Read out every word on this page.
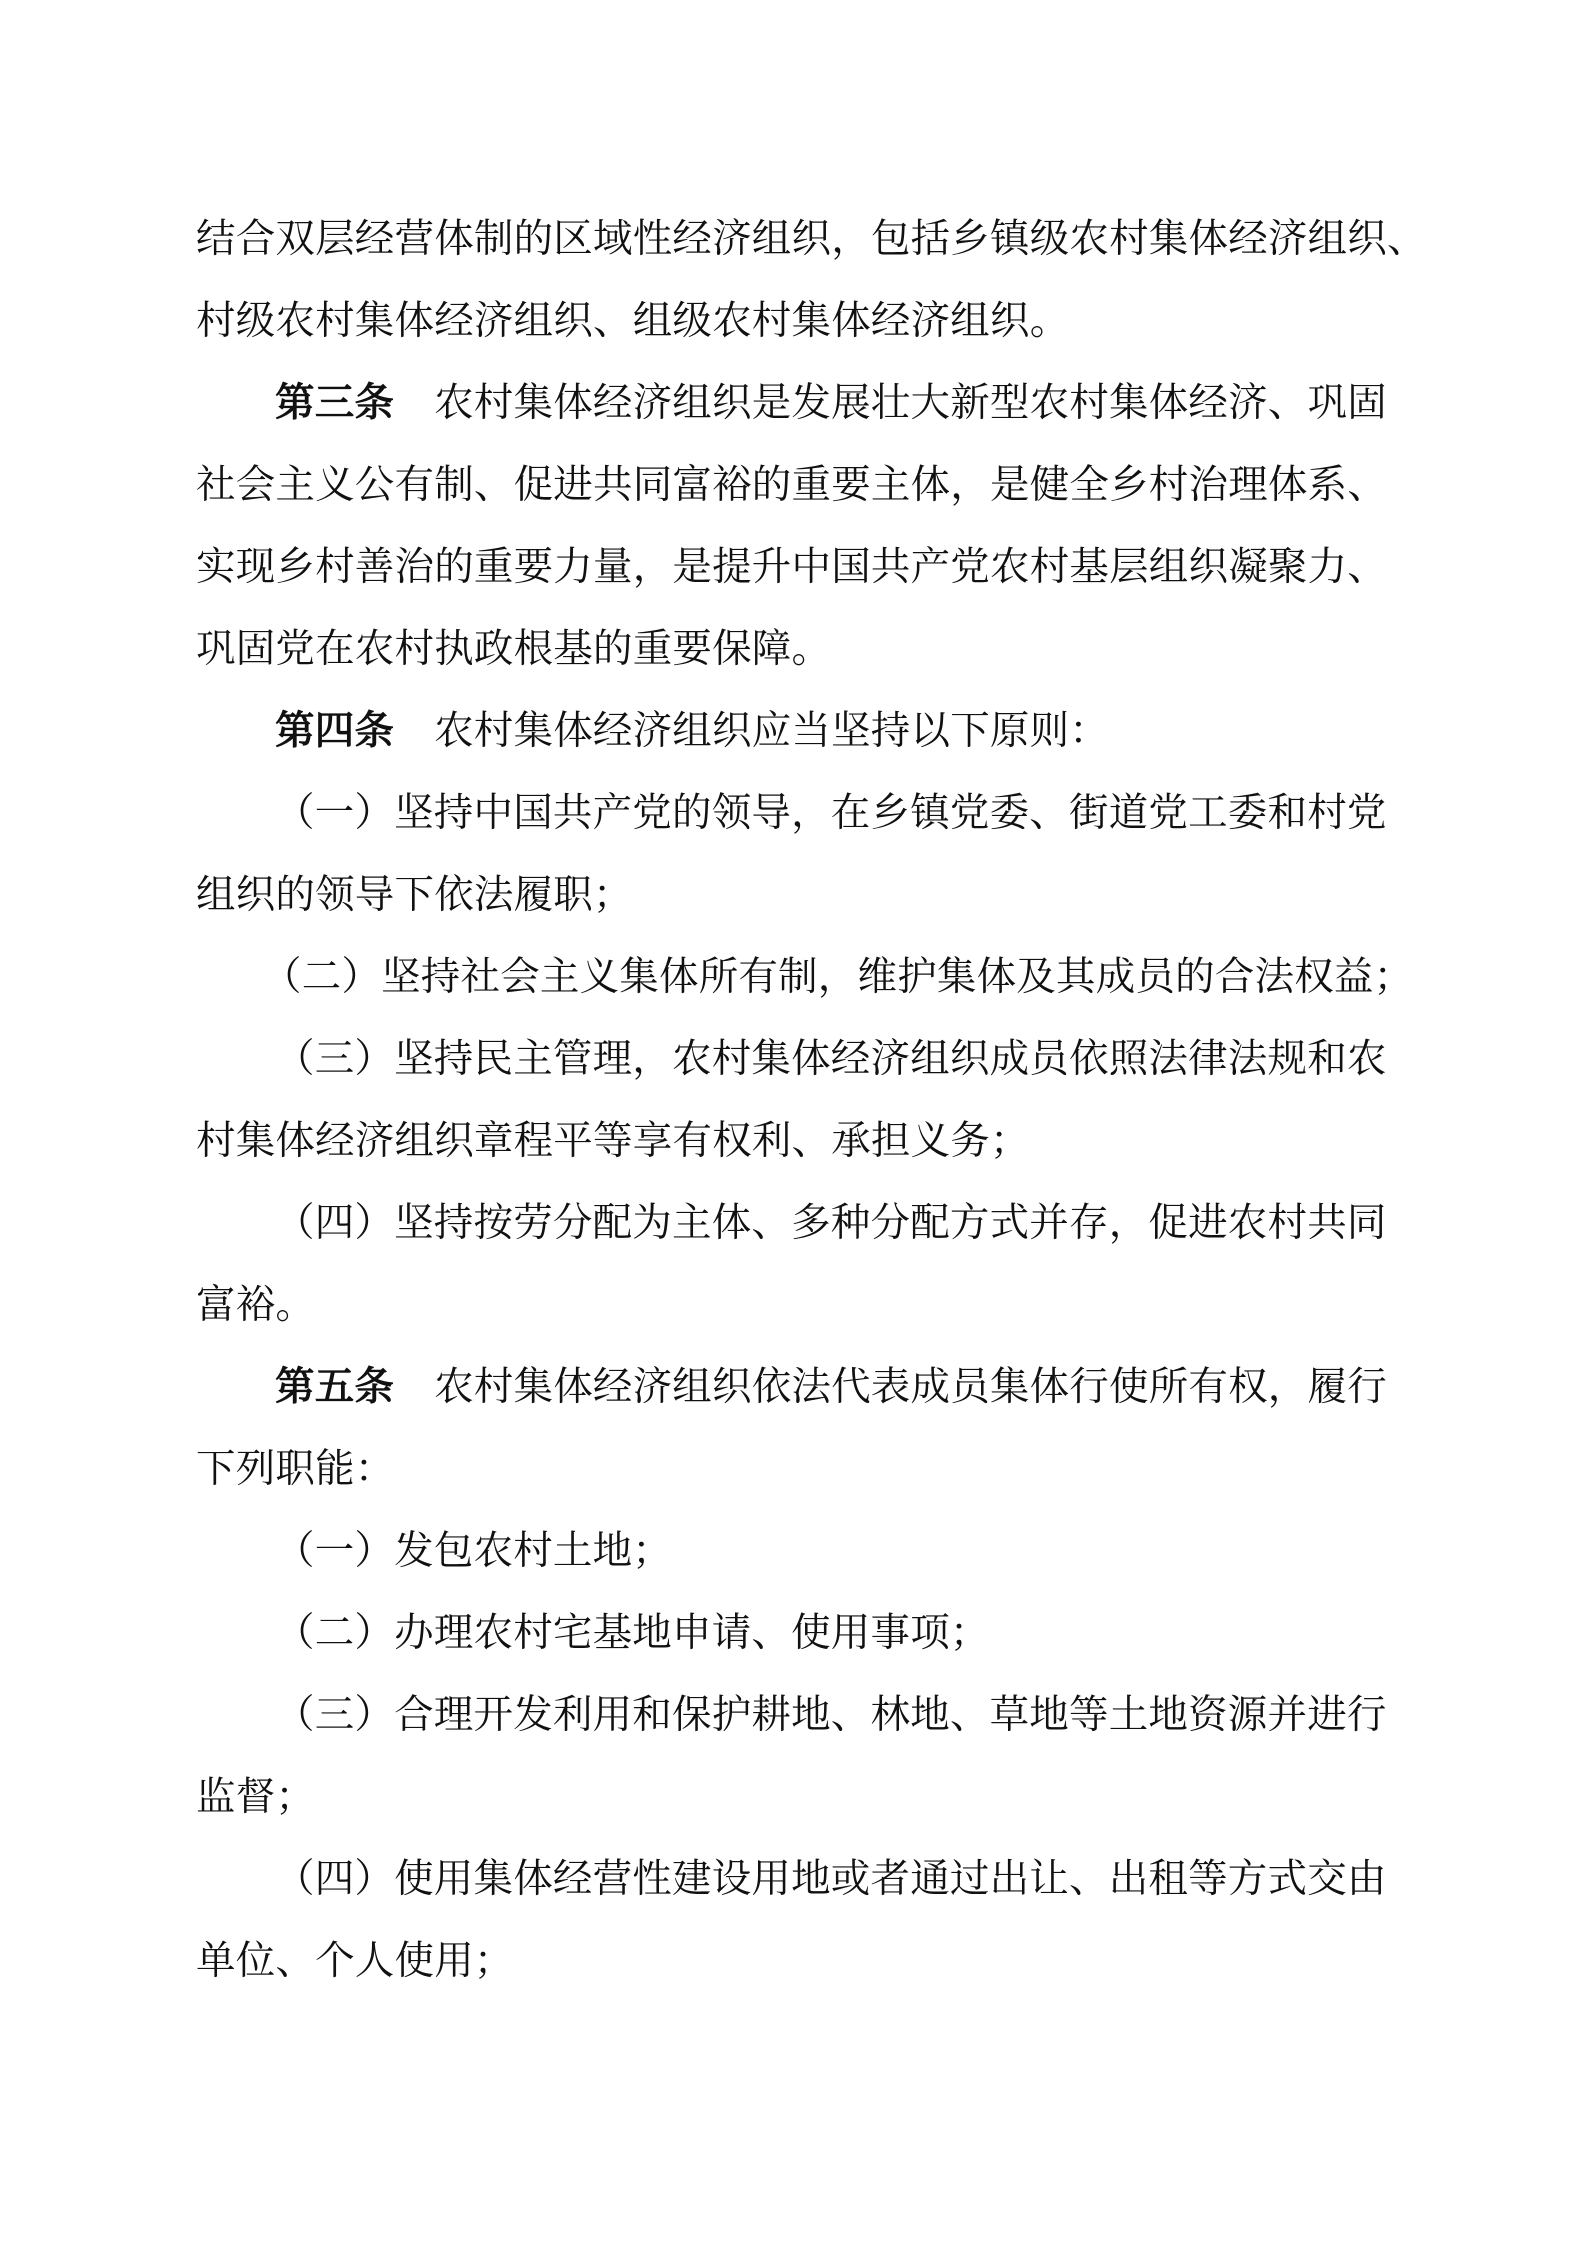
结合双层经营体制的区域性经济组织，包括乡镇级农村集体经济组织、
村级农村集体经济组织、组级农村集体经济组织。
第三条 农村集体经济组织是发展壮大新型农村集体经济、巩固
社会主义公有制、促进共同富裕的重要主体，是健全乡村治理体系、
实现乡村善治的重要力量，是提升中国共产党农村基层组织凝聚力、
巩固党在农村执政根基的重要保障。
第四条 农村集体经济组织应当坚持以下原则：
（一）坚持中国共产党的领导，在乡镇党委、街道党工委和村党
组织的领导下依法履职；
（二）坚持社会主义集体所有制，维护集体及其成员的合法权益；
（三）坚持民主管理，农村集体经济组织成员依照法律法规和农
村集体经济组织章程平等享有权利、承担义务；
（四）坚持按劳分配为主体、多种分配方式并存，促进农村共同
富裕。
第五条 农村集体经济组织依法代表成员集体行使所有权，履行
下列职能：
（一）发包农村土地；
（二）办理农村宅基地申请、使用事项；
（三）合理开发利用和保护耕地、林地、草地等土地资源并进行
监督；
（四）使用集体经营性建设用地或者通过出让、出租等方式交由
单位、个人使用；
